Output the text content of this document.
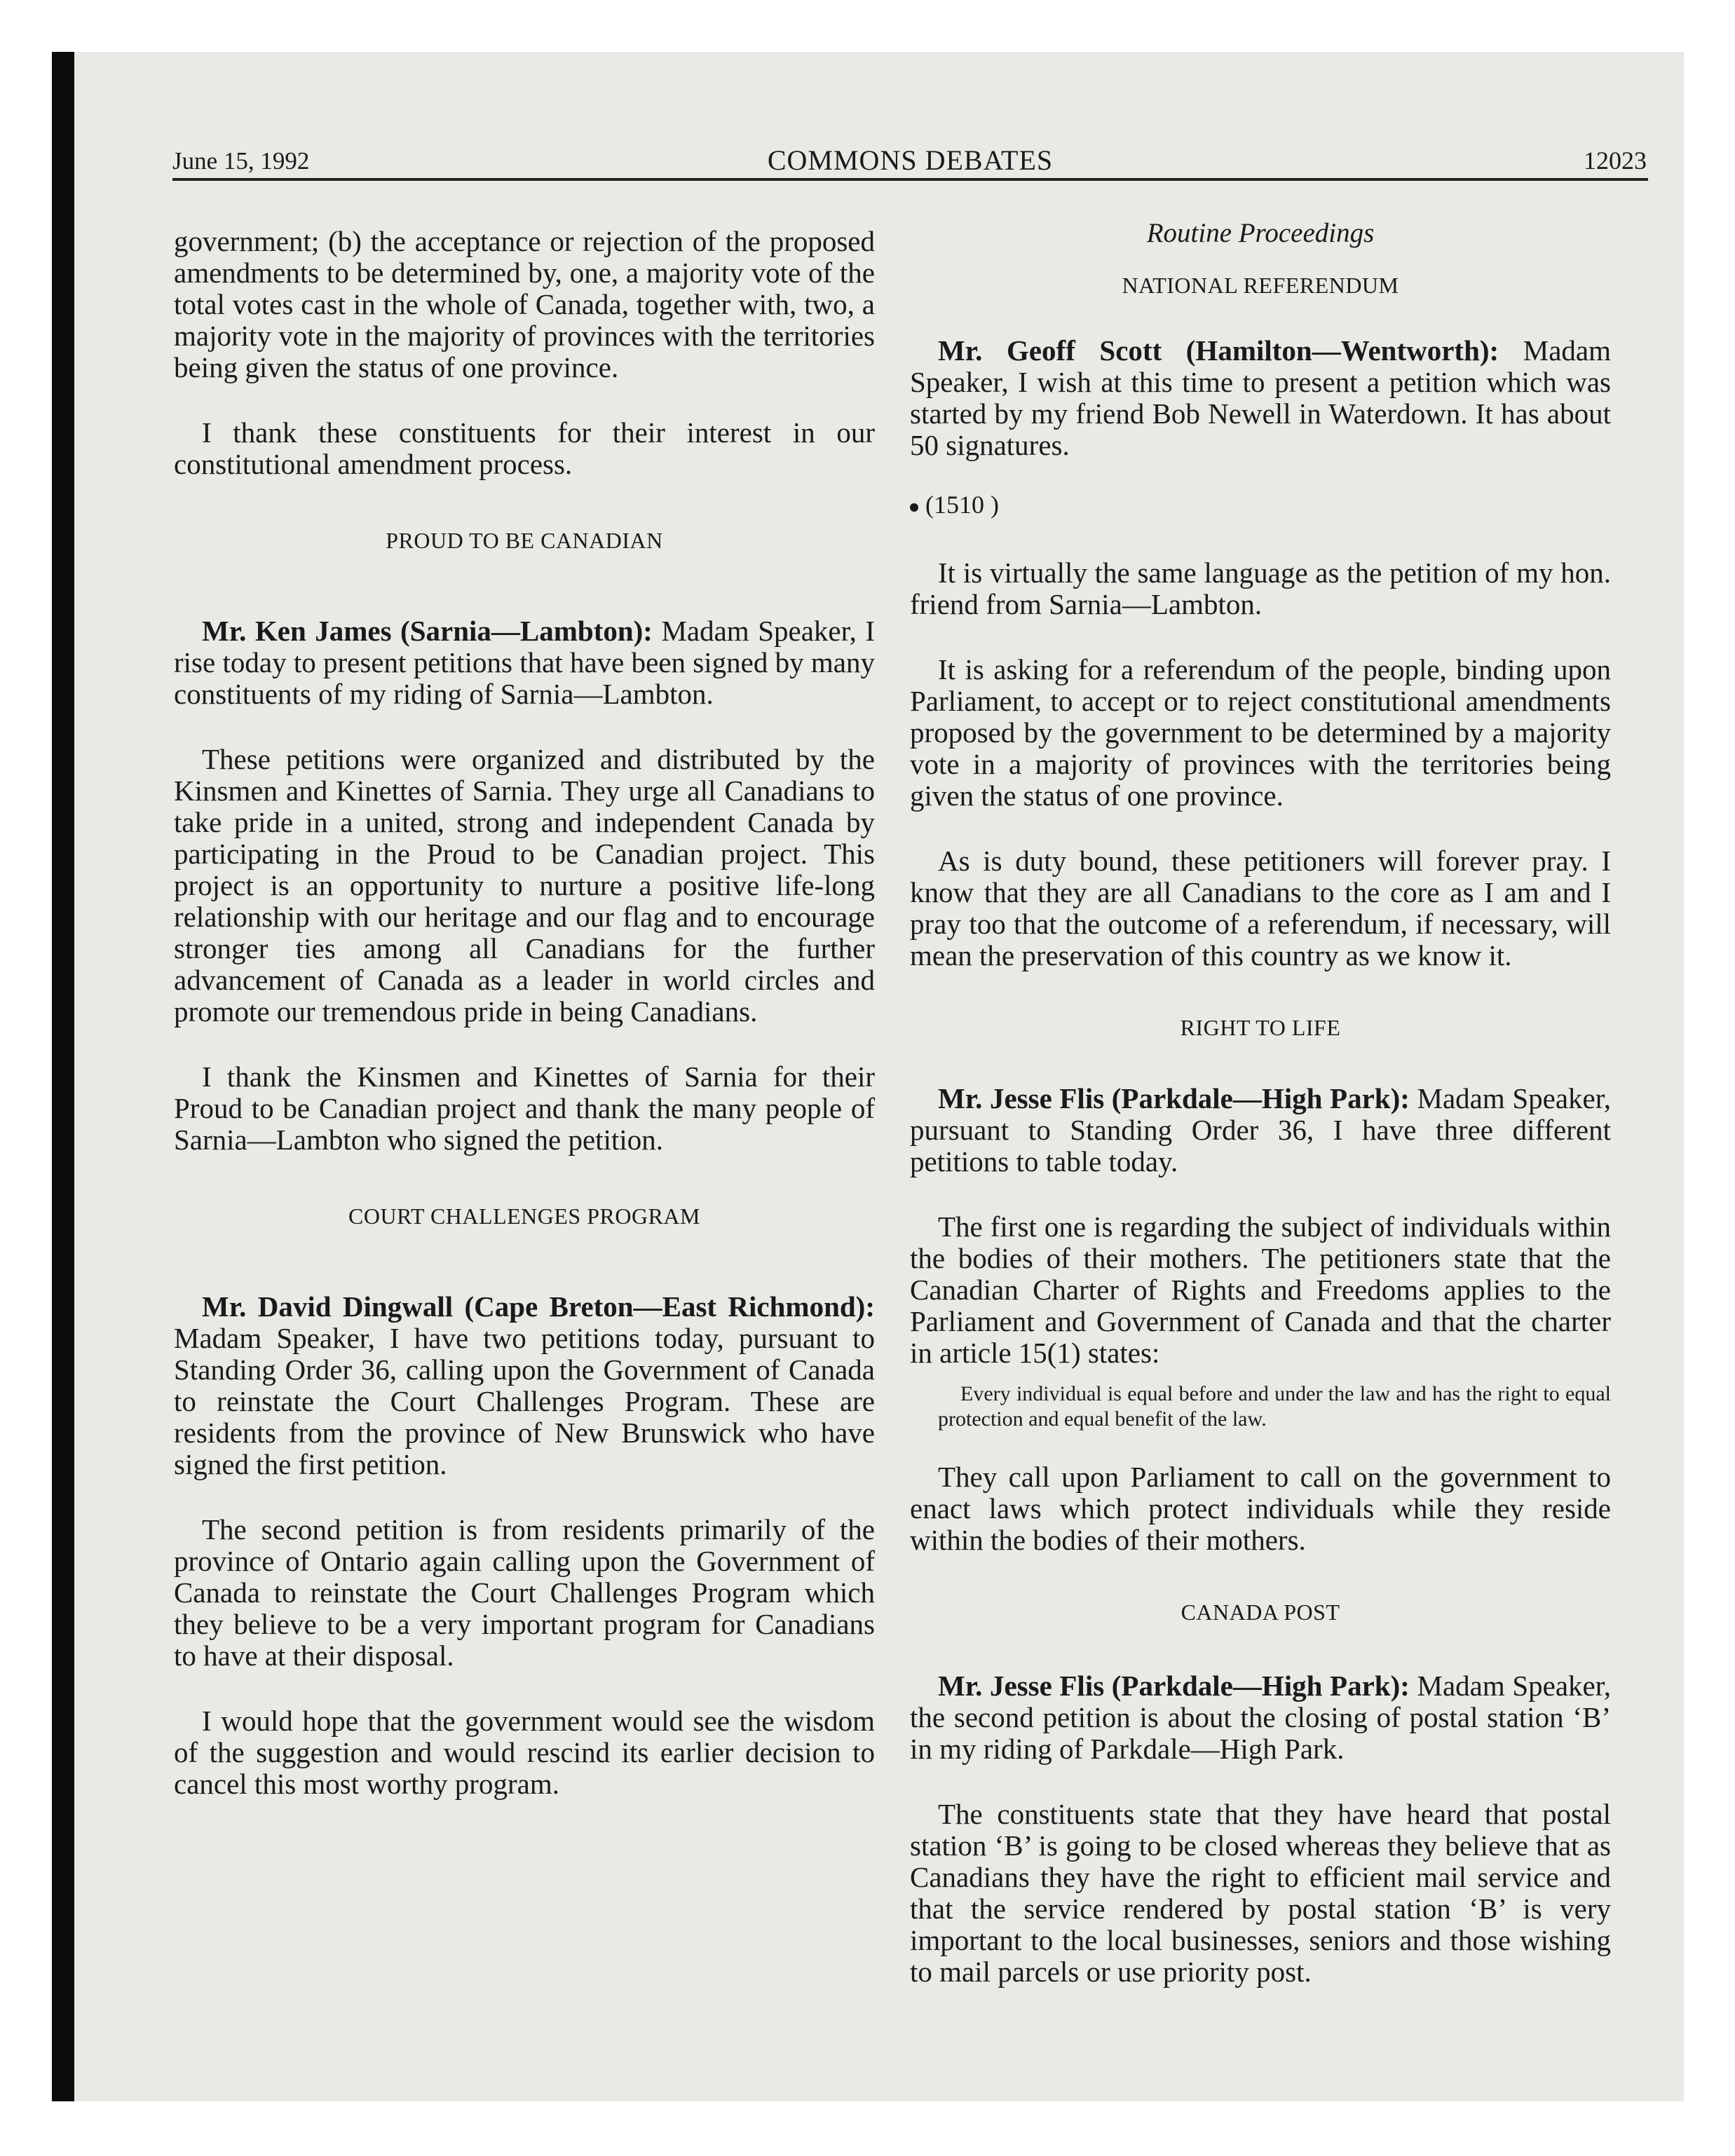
June 15, 1992	COMMONS DEBATES	12023

government; (b) the acceptance or rejection of the proposed amendments to be determined by, one, a majority vote of the total votes cast in the whole of Canada, together with, two, a majority vote in the majority of provinces with the territories being given the status of one province.

I thank these constituents for their interest in our constitutional amendment process.

PROUD TO BE CANADIAN

Mr. Ken James (Sarnia—Lambton): Madam Speaker, I rise today to present petitions that have been signed by many constituents of my riding of Sarnia—Lambton.

These petitions were organized and distributed by the Kinsmen and Kinettes of Sarnia. They urge all Canadians to take pride in a united, strong and independent Canada by participating in the Proud to be Canadian project. This project is an opportunity to nurture a positive life-long relationship with our heritage and our flag and to encourage stronger ties among all Canadians for the further advancement of Canada as a leader in world circles and promote our tremendous pride in being Canadians.

I thank the Kinsmen and Kinettes of Sarnia for their Proud to be Canadian project and thank the many people of Sarnia—Lambton who signed the petition.

COURT CHALLENGES PROGRAM

Mr. David Dingwall (Cape Breton—East Richmond): Madam Speaker, I have two petitions today, pursuant to Standing Order 36, calling upon the Government of Canada to reinstate the Court Challenges Program. These are residents from the province of New Brunswick who have signed the first petition.

The second petition is from residents primarily of the province of Ontario again calling upon the Government of Canada to reinstate the Court Challenges Program which they believe to be a very important program for Canadians to have at their disposal.

I would hope that the government would see the wisdom of the suggestion and would rescind its earlier decision to cancel this most worthy program.

Routine Proceedings

NATIONAL REFERENDUM

Mr. Geoff Scott (Hamilton—Wentworth): Madam Speaker, I wish at this time to present a petition which was started by my friend Bob Newell in Waterdown. It has about 50 signatures.

(1510 )

It is virtually the same language as the petition of my hon. friend from Sarnia—Lambton.

It is asking for a referendum of the people, binding upon Parliament, to accept or to reject constitutional amendments proposed by the government to be determined by a majority vote in a majority of provinces with the territories being given the status of one province.

As is duty bound, these petitioners will forever pray. I know that they are all Canadians to the core as I am and I pray too that the outcome of a referendum, if necessary, will mean the preservation of this country as we know it.

RIGHT TO LIFE

Mr. Jesse Flis (Parkdale—High Park): Madam Speaker, pursuant to Standing Order 36, I have three different petitions to table today.

The first one is regarding the subject of individuals within the bodies of their mothers. The petitioners state that the Canadian Charter of Rights and Freedoms applies to the Parliament and Government of Canada and that the charter in article 15(1) states:

Every individual is equal before and under the law and has the right to equal protection and equal benefit of the law.

They call upon Parliament to call on the government to enact laws which protect individuals while they reside within the bodies of their mothers.

CANADA POST

Mr. Jesse Flis (Parkdale—High Park): Madam Speaker, the second petition is about the closing of postal station ‘B’ in my riding of Parkdale—High Park.

The constituents state that they have heard that postal station ‘B’ is going to be closed whereas they believe that as Canadians they have the right to efficient mail service and that the service rendered by postal station ‘B’ is very important to the local businesses, seniors and those wishing to mail parcels or use priority post.
